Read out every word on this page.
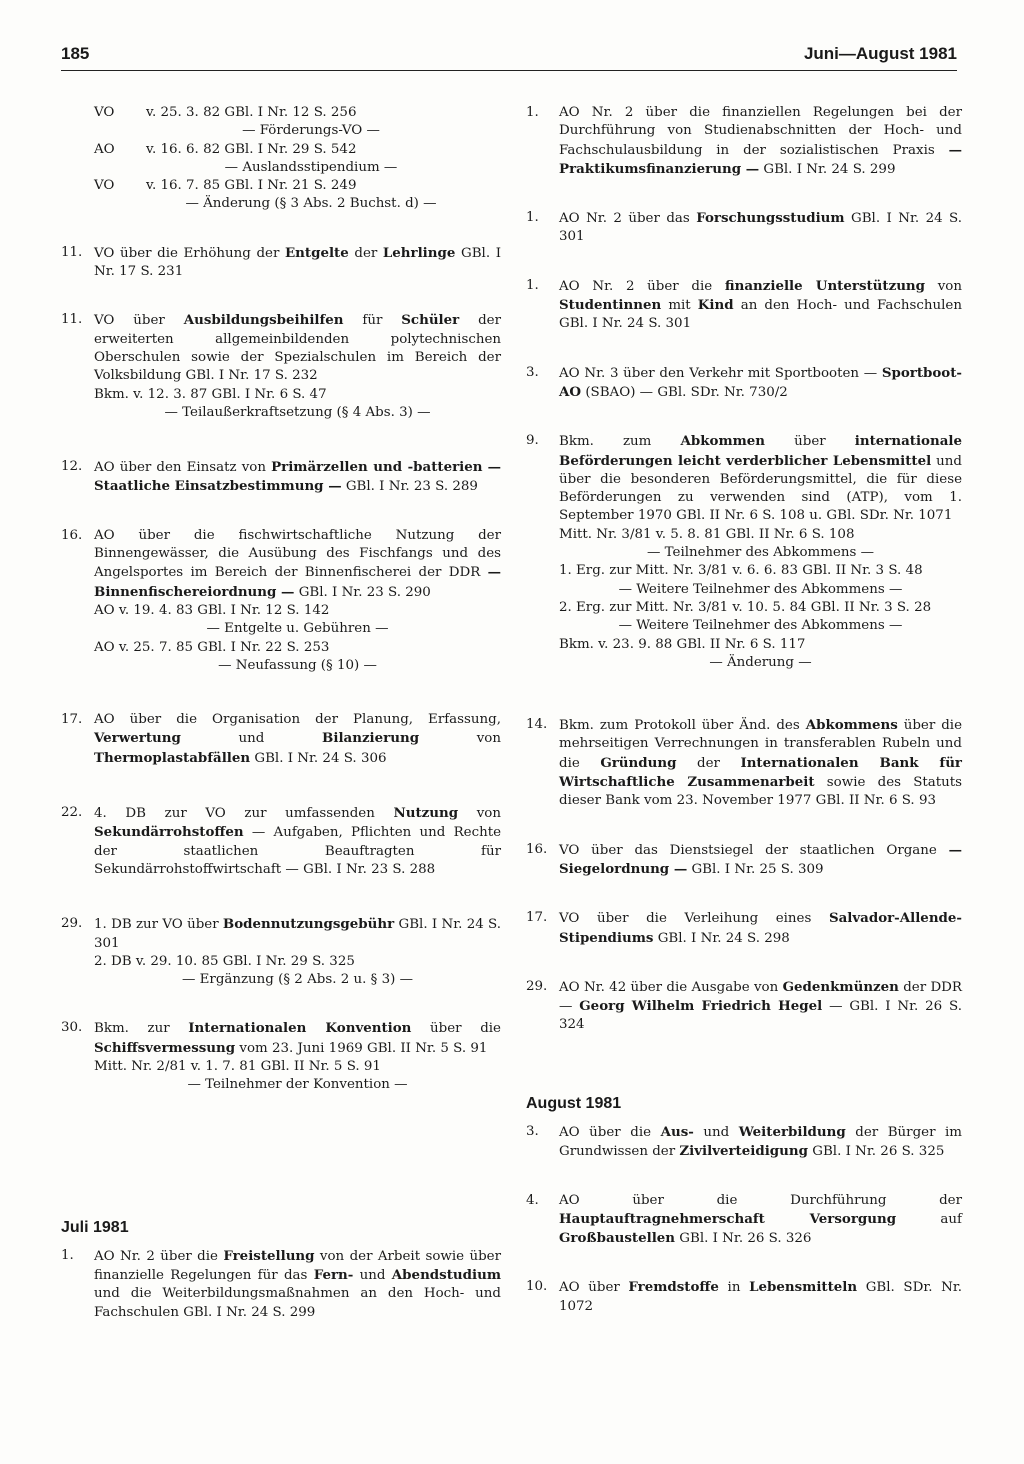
185	Juni—August 1981
VO	v. 25. 3. 82 GBl. I Nr. 12 S. 256
— Förderungs-VO —
AO	v. 16. 6. 82 GBl. I Nr. 29 S. 542
— Auslandsstipendium —
VO	v. 16. 7. 85 GBl. I Nr. 21 S. 249
— Änderung (§ 3 Abs. 2 Buchst. d) —
11. VO über die Erhöhung der Entgelte der Lehrlinge GBl. I Nr. 17 S. 231
11. VO über Ausbildungsbeihilfen für Schüler der erweiterten allgemeinbildenden polytechnischen Oberschulen sowie der Spezialschulen im Bereich der Volksbildung GBl. I Nr. 17 S. 232
Bkm. v. 12. 3. 87 GBl. I Nr. 6 S. 47
— Teilaußerkraftsetzung (§ 4 Abs. 3) —
12. AO über den Einsatz von Primärzellen und -batterien — Staatliche Einsatzbestimmung — GBl. I Nr. 23 S. 289
16. AO über die fischwirtschaftliche Nutzung der Binnengewässer, die Ausübung des Fischfangs und des Angelsportes im Bereich der Binnenfischerei der DDR — Binnenfischereiordnung — GBl. I Nr. 23 S. 290
AO v. 19. 4. 83 GBl. I Nr. 12 S. 142
— Entgelte u. Gebühren —
AO v. 25. 7. 85 GBl. I Nr. 22 S. 253
— Neufassung (§ 10) —
17. AO über die Organisation der Planung, Erfassung, Verwertung und Bilanzierung von Thermoplastabfällen GBl. I Nr. 24 S. 306
22. 4. DB zur VO zur umfassenden Nutzung von Sekundärrohstoffen — Aufgaben, Pflichten und Rechte der staatlichen Beauftragten für Sekundärrohstoffwirtschaft — GBl. I Nr. 23 S. 288
29. 1. DB zur VO über Bodennutzungsgebühr GBl. I Nr. 24 S. 301
2. DB v. 29. 10. 85 GBl. I Nr. 29 S. 325
— Ergänzung (§ 2 Abs. 2 u. § 3) —
30. Bkm. zur Internationalen Konvention über die Schiffsvermessung vom 23. Juni 1969 GBl. II Nr. 5 S. 91
Mitt. Nr. 2/81 v. 1. 7. 81 GBl. II Nr. 5 S. 91
— Teilnehmer der Konvention —
Juli 1981
1.	AO Nr. 2 über die Freistellung von der Arbeit sowie über finanzielle Regelungen für das Fern- und Abendstudium und die Weiterbildungsmaßnahmen an den Hoch- und Fachschulen GBl. I Nr. 24 S. 299
1.	AO Nr. 2 über die finanziellen Regelungen bei der Durchführung von Studienabschnitten der Hoch- und Fachschulausbildung in der sozialistischen Praxis — Praktikumsfinanzierung — GBl. I Nr. 24 S. 299
1.	AO Nr. 2 über das Forschungsstudium GBl. I Nr. 24 S. 301
1.	AO Nr. 2 über die finanzielle Unterstützung von Studentinnen mit Kind an den Hoch- und Fachschulen GBl. I Nr. 24 S. 301
3.	AO Nr. 3 über den Verkehr mit Sportbooten — Sportboot-AO (SBAO) — GBl. SDr. Nr. 730/2
9.	Bkm. zum Abkommen über internationale Beförderungen leicht verderblicher Lebensmittel und über die besonderen Beförderungsmittel, die für diese Beförderungen zu verwenden sind (ATP), vom 1. September 1970 GBl. II Nr. 6 S. 108 u. GBl. SDr. Nr. 1071
Mitt. Nr. 3/81 v. 5. 8. 81 GBl. II Nr. 6 S. 108
— Teilnehmer des Abkommens —
1. Erg. zur Mitt. Nr. 3/81 v. 6. 6. 83 GBl. II Nr. 3 S. 48
— Weitere Teilnehmer des Abkommens —
2. Erg. zur Mitt. Nr. 3/81 v. 10. 5. 84 GBl. II Nr. 3 S. 28
— Weitere Teilnehmer des Abkommens —
Bkm. v. 23. 9. 88 GBl. II Nr. 6 S. 117
— Änderung —
14. Bkm. zum Protokoll über Änd. des Abkommens über die mehrseitigen Verrechnungen in transferablen Rubeln und die Gründung der Internationalen Bank für Wirtschaftliche Zusammenarbeit sowie des Statuts dieser Bank vom 23. November 1977 GBl. II Nr. 6 S. 93
16. VO über das Dienstsiegel der staatlichen Organe — Siegelordnung — GBl. I Nr. 25 S. 309
17. VO über die Verleihung eines Salvador-Allende-Stipendiums GBl. I Nr. 24 S. 298
29. AO Nr. 42 über die Ausgabe von Gedenkmünzen der DDR — Georg Wilhelm Friedrich Hegel — GBl. I Nr. 26 S. 324
August 1981
3.	AO über die Aus- und Weiterbildung der Bürger im Grundwissen der Zivilverteidigung GBl. I Nr. 26 S. 325
4.	AO über die Durchführung der Hauptauftragnehmerschaft Versorgung auf Großbaustellen GBl. I Nr. 26 S. 326
10. AO über Fremdstoffe in Lebensmitteln GBl. SDr. Nr. 1072
